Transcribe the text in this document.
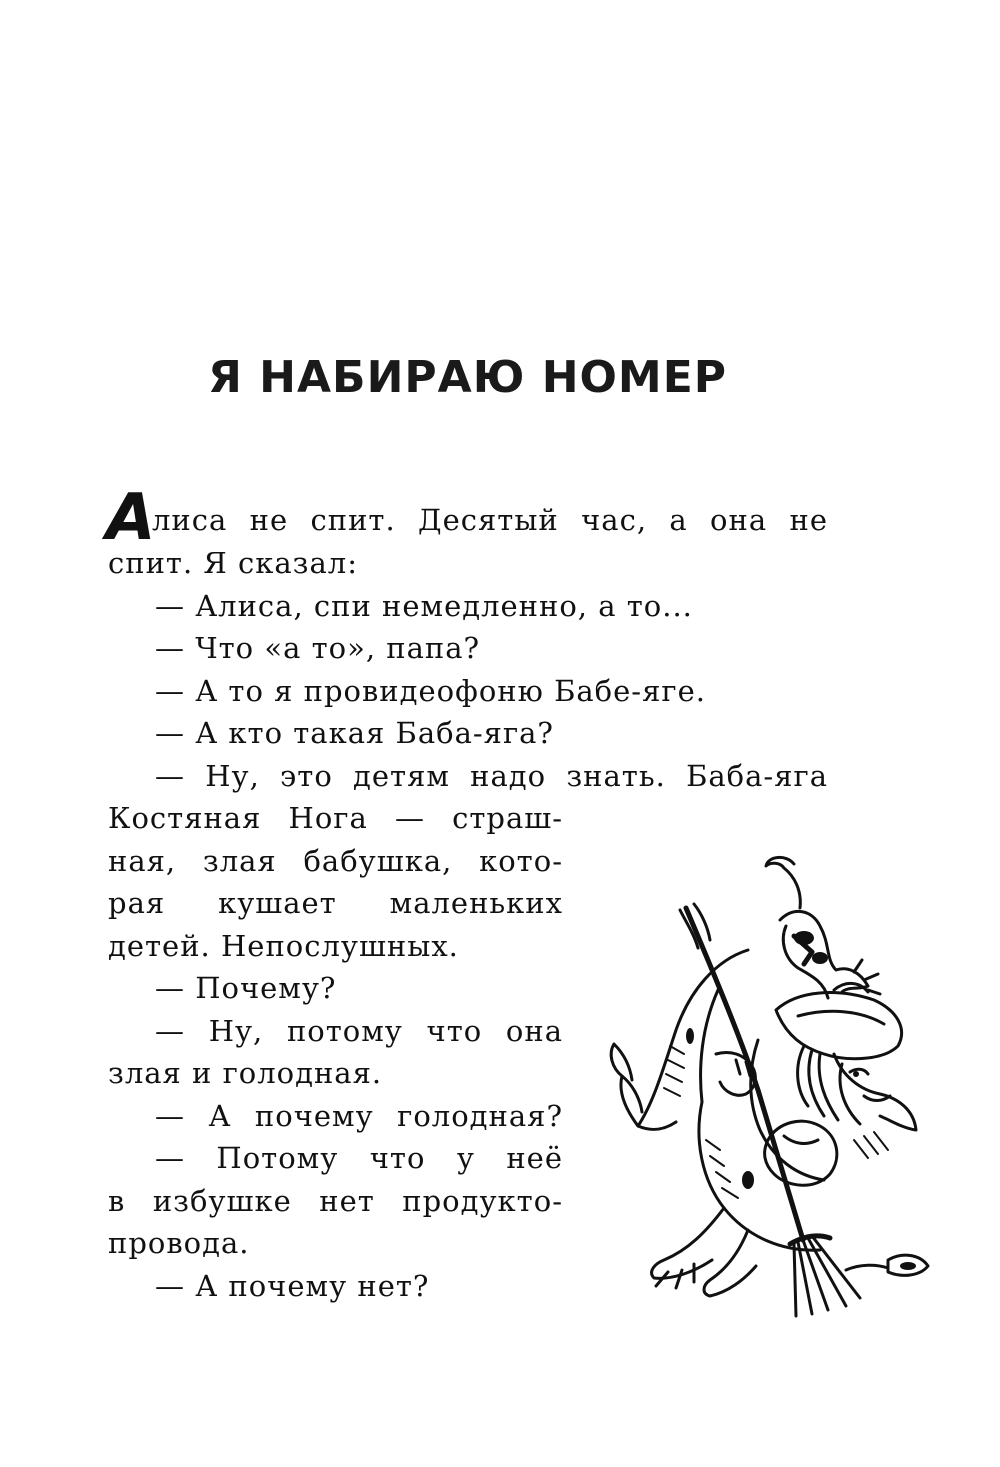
Я НАБИРАЮ НОМЕР
А
лиса не спит. Десятый час, а она не
спит. Я сказал:
— Алиса, спи немедленно, а то...
— Что «а то», папа?
— А то я провидеофоню Бабе-яге.
— А кто такая Баба-яга?
— Ну, это детям надо знать. Баба-яга
Костяная Нога — страш-
ная, злая бабушка, кото-
рая кушает маленьких
детей. Непослушных.
— Почему?
— Ну, потому что она
злая и голодная.
— А почему голодная?
— Потому что у неё
в избушке нет продукто-
провода.
— А почему нет?
